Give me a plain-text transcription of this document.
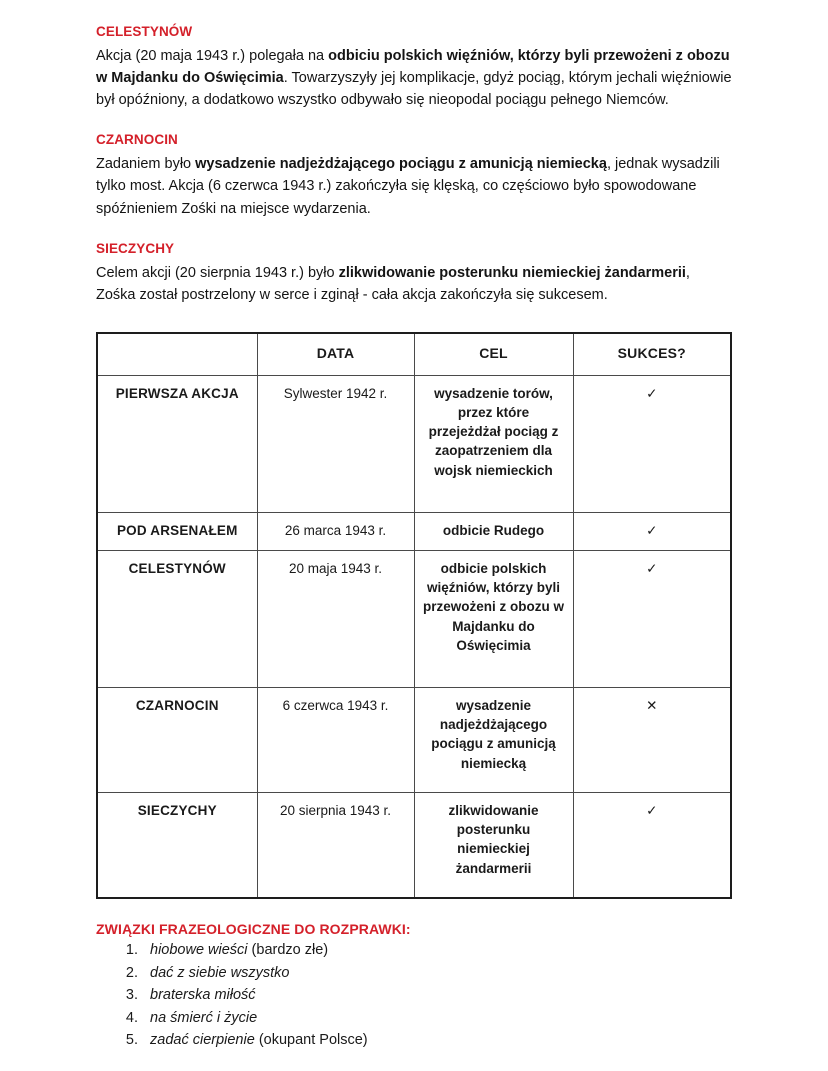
CELESTYNÓW

Akcja (20 maja 1943 r.) polegała na odbiciu polskich więźniów, którzy byli przewożeni z obozu w Majdanku do Oświęcimia. Towarzyszyły jej komplikacje, gdyż pociąg, którym jechali więźniowie był opóźniony, a dodatkowo wszystko odbywało się nieopodal pociągu pełnego Niemców.

CZARNOCIN

Zadaniem było wysadzenie nadjeżdżającego pociągu z amunicją niemiecką, jednak wysadzili tylko most. Akcja (6 czerwca 1943 r.) zakończyła się klęską, co częściowo było spowodowane spóźnieniem Zośki na miejsce wydarzenia.

SIECZYCHY

Celem akcji (20 sierpnia 1943 r.) było zlikwidowanie posterunku niemieckiej żandarmerii, Zośka został postrzelony w serce i zginął - cała akcja zakończyła się sukcesem.

	DATA	CEL	SUKCES?
PIERWSZA AKCJA	Sylwester 1942 r.	wysadzenie torów, przez które przejeżdżał pociąg z zaopatrzeniem dla wojsk niemieckich	✓
POD ARSENAŁEM	26 marca 1943 r.	odbicie Rudego	✓
CELESTYNÓW	20 maja 1943 r.	odbicie polskich więźniów, którzy byli przewożeni z obozu w Majdanku do Oświęcimia	✓
CZARNOCIN	6 czerwca 1943 r.	wysadzenie nadjeżdżającego pociągu z amunicją niemiecką	✕
SIECZYCHY	20 sierpnia 1943 r.	zlikwidowanie posterunku niemieckiej żandarmerii	✓
ZWIĄZKI FRAZEOLOGICZNE DO ROZPRAWKI:
1. hiobowe wieści (bardzo złe)
2. dać z siebie wszystko
3. braterska miłość
4. na śmierć i życie
5. zadać cierpienie (okupant Polsce)
